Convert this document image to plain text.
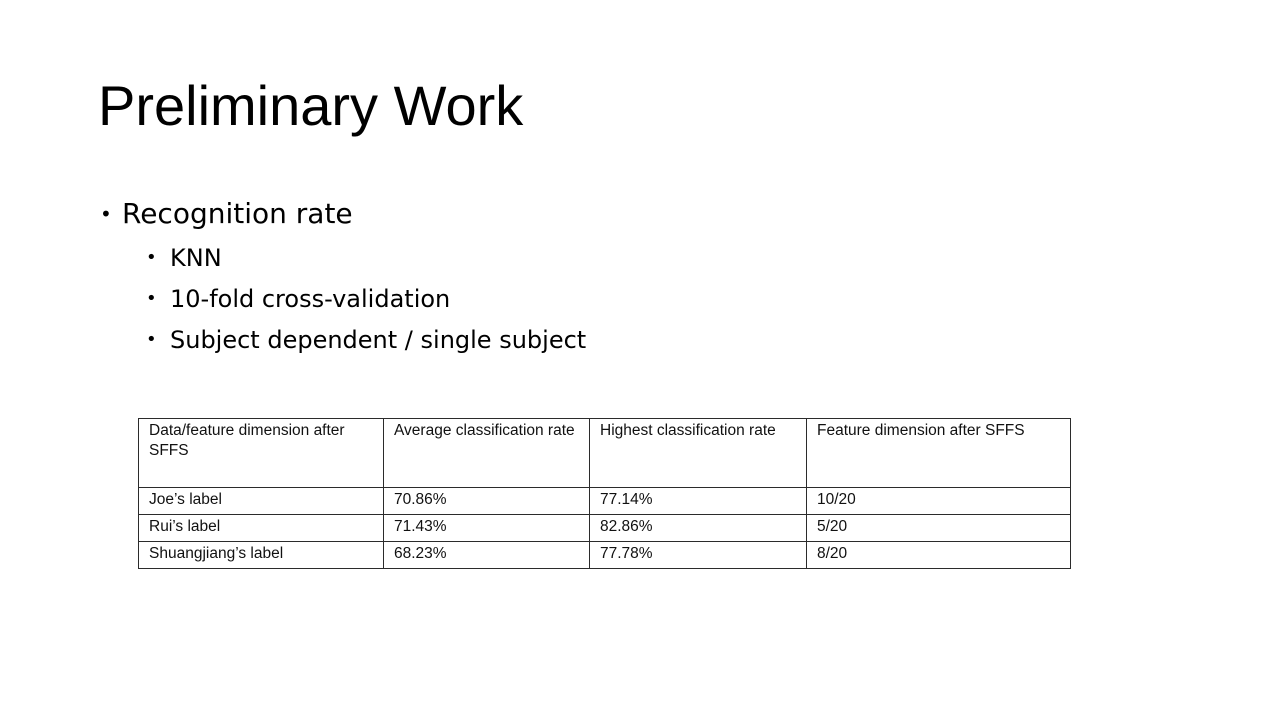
Preliminary Work
• Recognition rate
• KNN
• 10-fold cross-validation
• Subject dependent / single subject
Data/feature dimension after SFFS	Average classification rate	Highest classification rate	Feature dimension after SFFS
Joe’s label	70.86%	77.14%	10/20
Rui’s label	71.43%	82.86%	5/20
Shuangjiang’s label	68.23%	77.78%	8/20
